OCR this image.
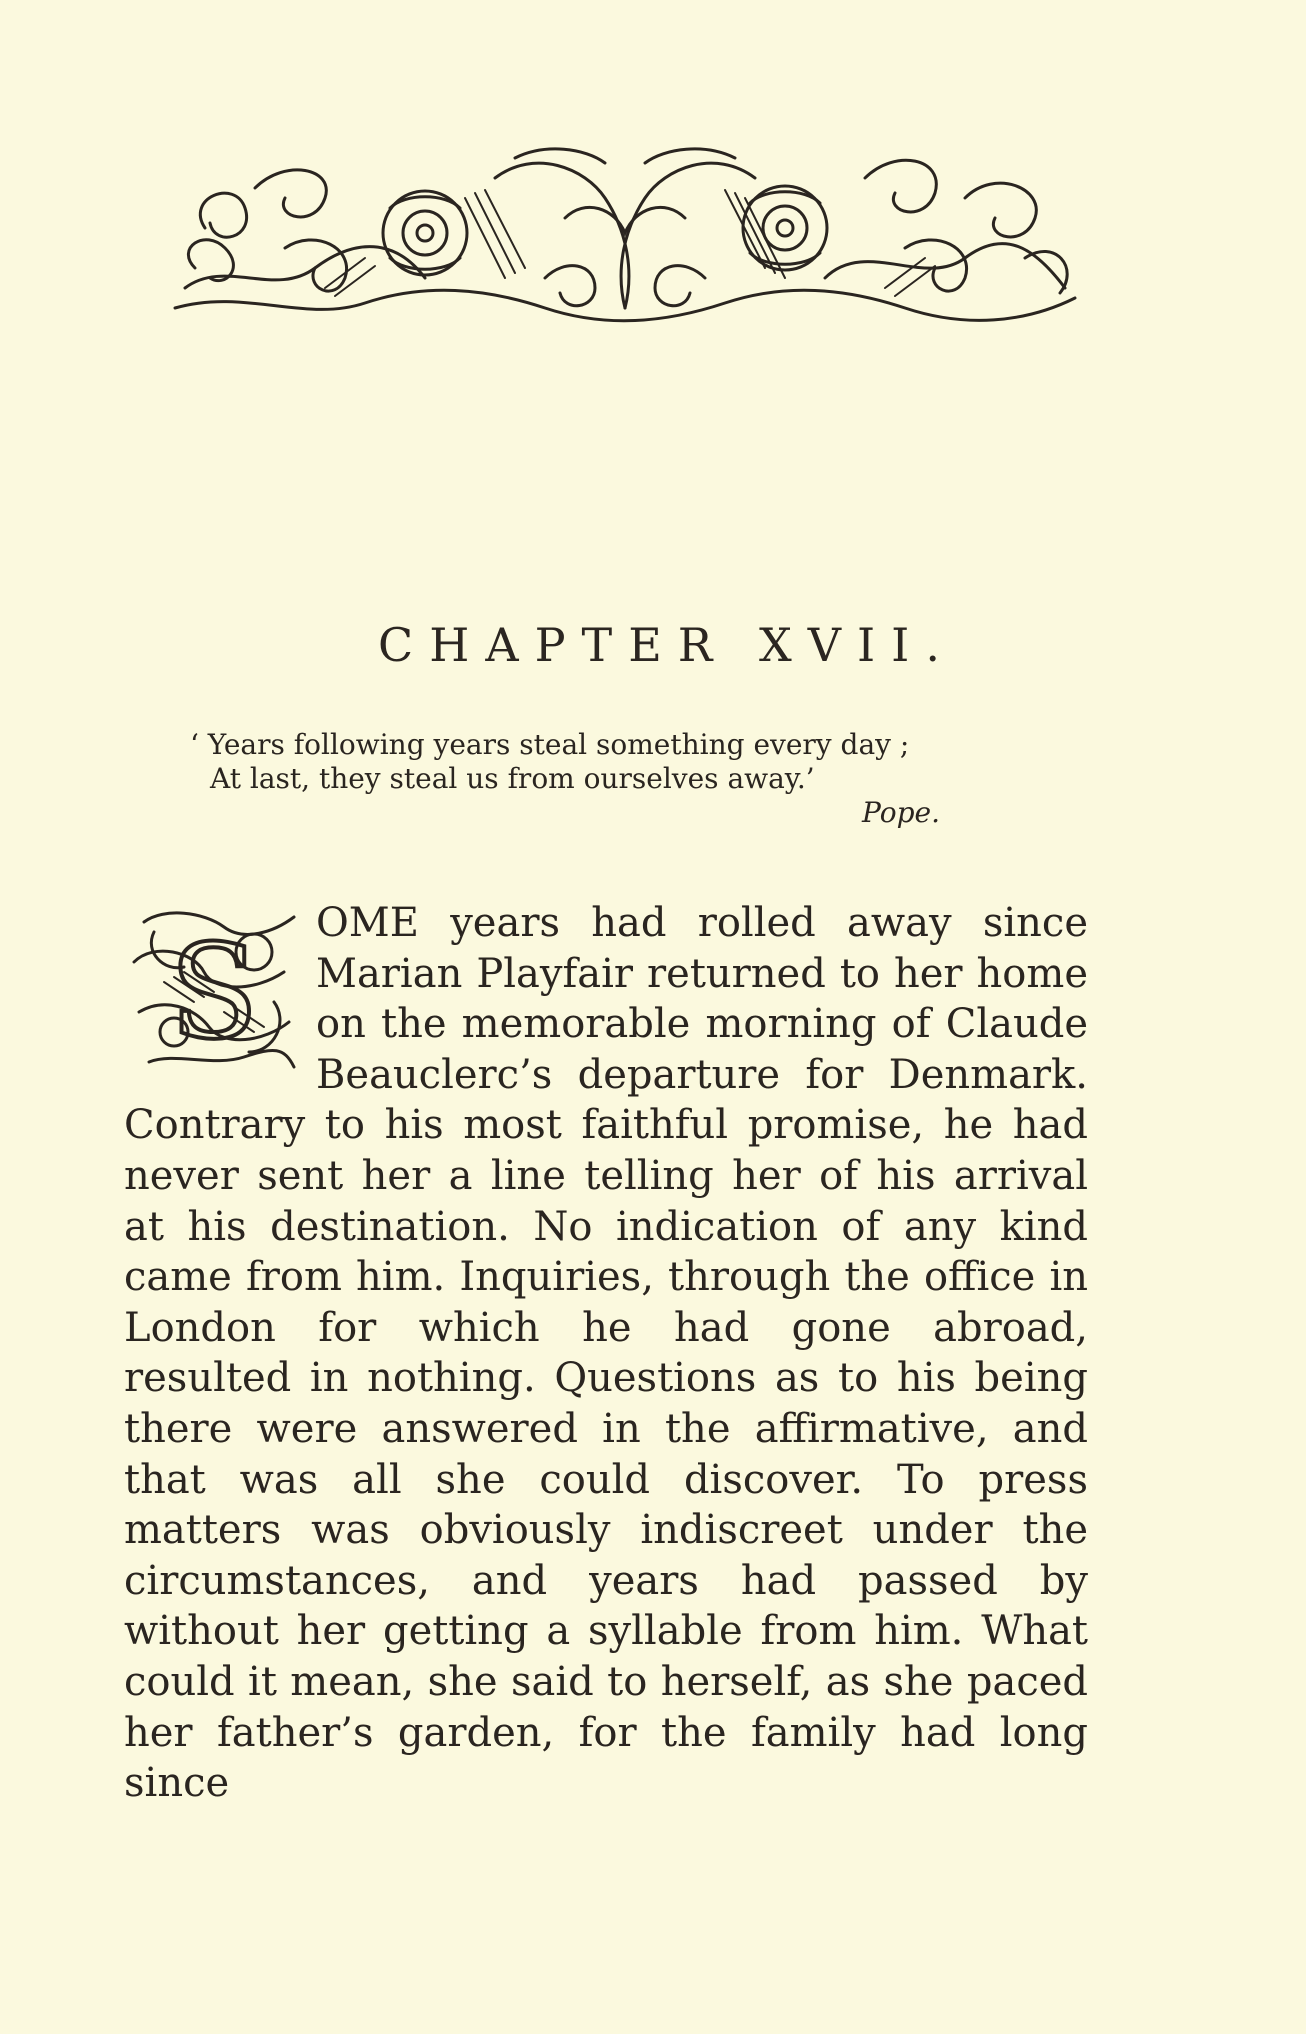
CHAPTER XVII.
‘ Years following years steal something every day ;
At last, they steal us from ourselves away.’
Pope.
S	OME years had rolled away since Marian Playfair returned to her home on the memorable morning of Claude Beauclerc’s departure for Denmark. Contrary to his most faithful promise, he had never sent her a line telling her of his arrival at his destination. No indication of any kind came from him. Inquiries, through the office in London for which he had gone abroad, resulted in nothing. Questions as to his being there were answered in the affirmative, and that was all she could discover. To press matters was obviously indiscreet under the circumstances, and years had passed by without her getting a syllable from him. What could it mean, she said to herself, as she paced her father’s garden, for the family had long since
